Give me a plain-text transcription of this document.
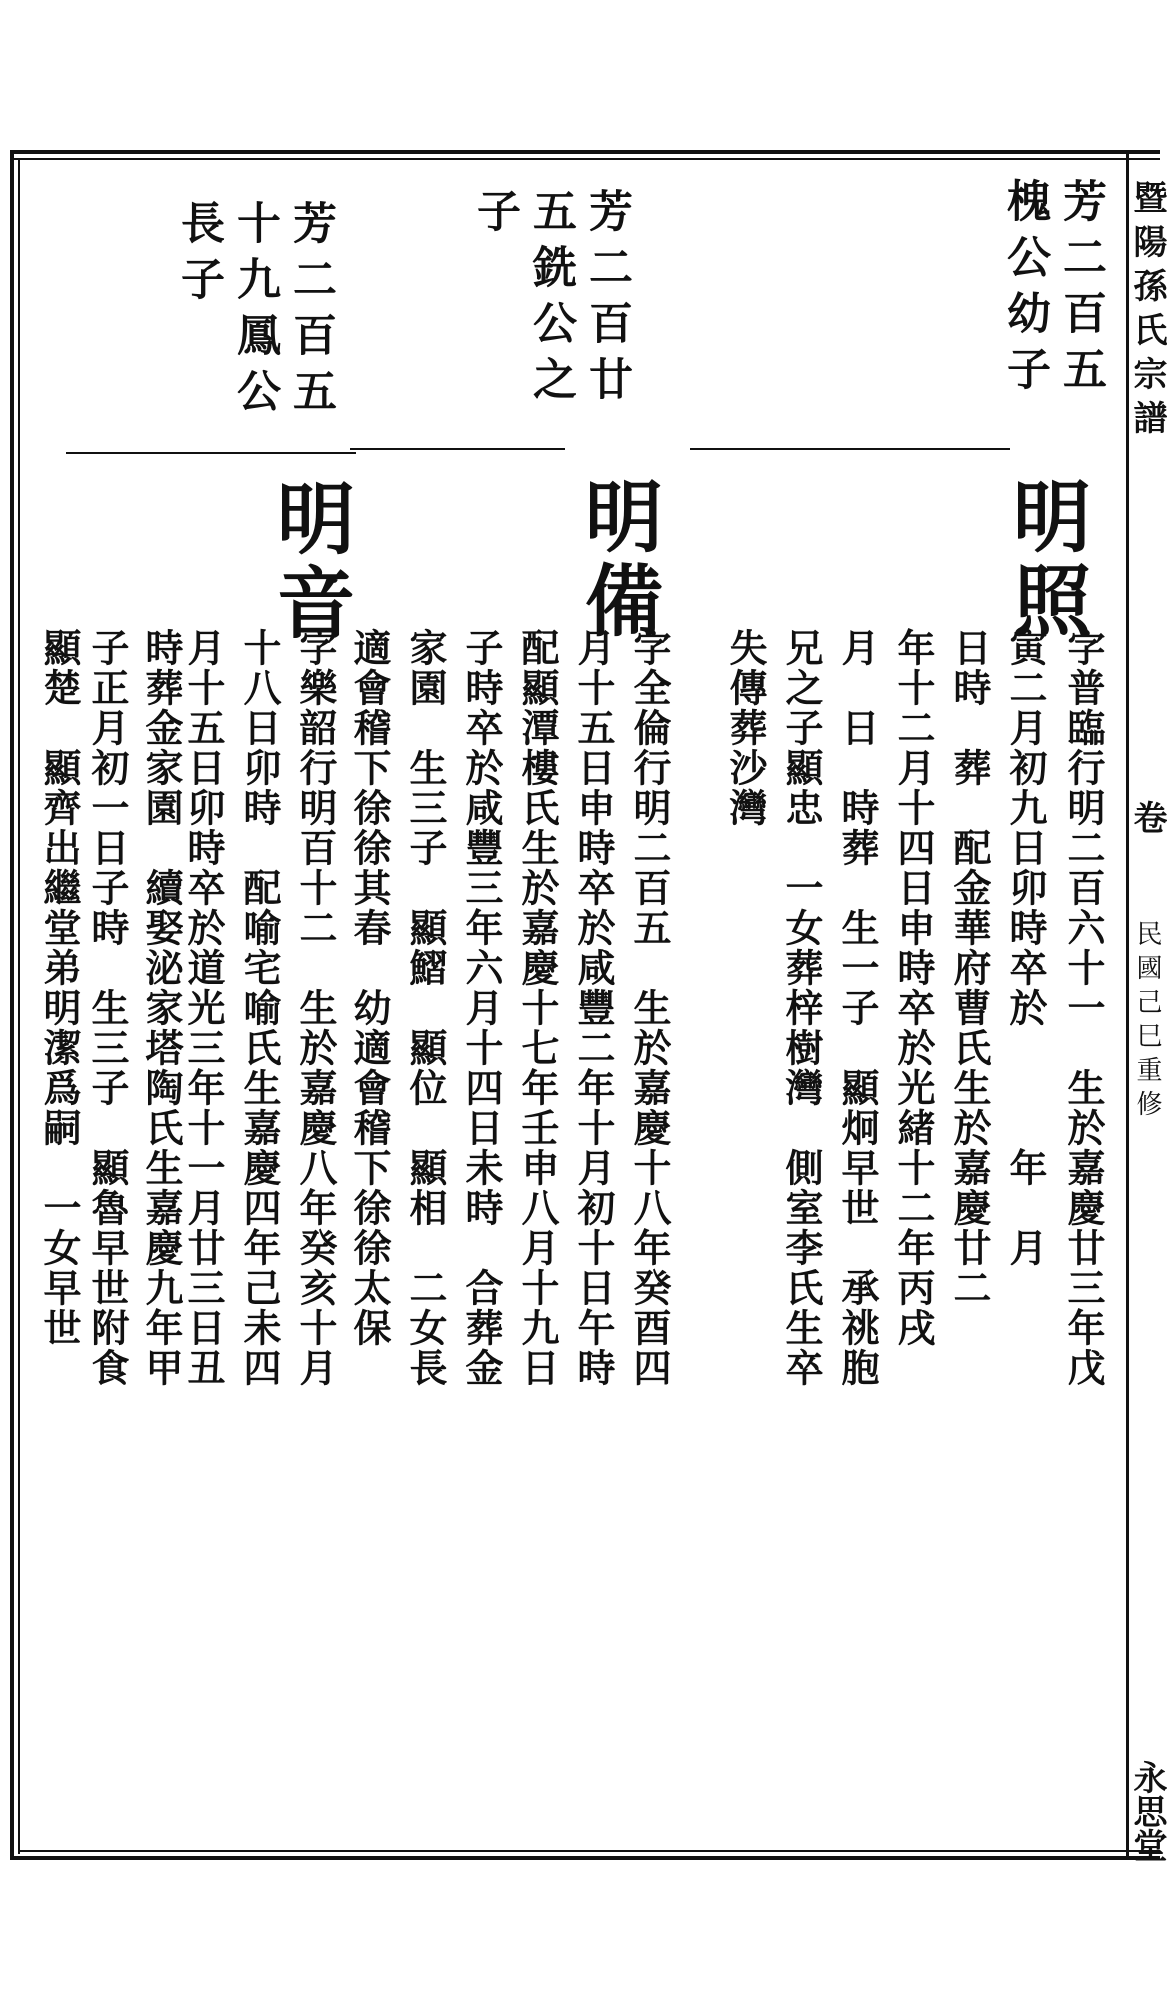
暨陽孫氏宗譜
卷
民國己巳重修
永思堂
芳二百五
槐公幼子
明照
字普臨行明二百六十一　生於嘉慶廿三年戊
寅二月初九日卯時卒於　　　年　月
日時　葬　配金華府曹氏生於嘉慶廿二
年十二月十四日申時卒於光緒十二年丙戌
月　日　時葬　生一子　顯炯早世　承祧胞
兄之子顯忠　一女葬梓樹灣　側室李氏生卒
失傳葬沙灣
芳二百廿
五銑公之
子
明備
字全倫行明二百五　生於嘉慶十八年癸酉四
月十五日申時卒於咸豐二年十月初十日午時
配顯潭樓氏生於嘉慶十七年壬申八月十九日
子時卒於咸豐三年六月十四日未時　合葬金
家園　生三子　顯鰼　顯位　顯相　二女長
適會稽下徐徐其春　幼適會稽下徐徐太保
芳二百五
十九鳳公
長子
明音
字樂韶行明百十二　生於嘉慶八年癸亥十月
十八日卯時　配喻宅喻氏生嘉慶四年己未四
月十五日卯時卒於道光三年十一月廿三日丑
時葬金家園　續娶泌家塔陶氏生嘉慶九年甲
子正月初一日子時　生三子　顯魯早世附食
顯楚　顯齊出繼堂弟明潔爲嗣　一女早世
